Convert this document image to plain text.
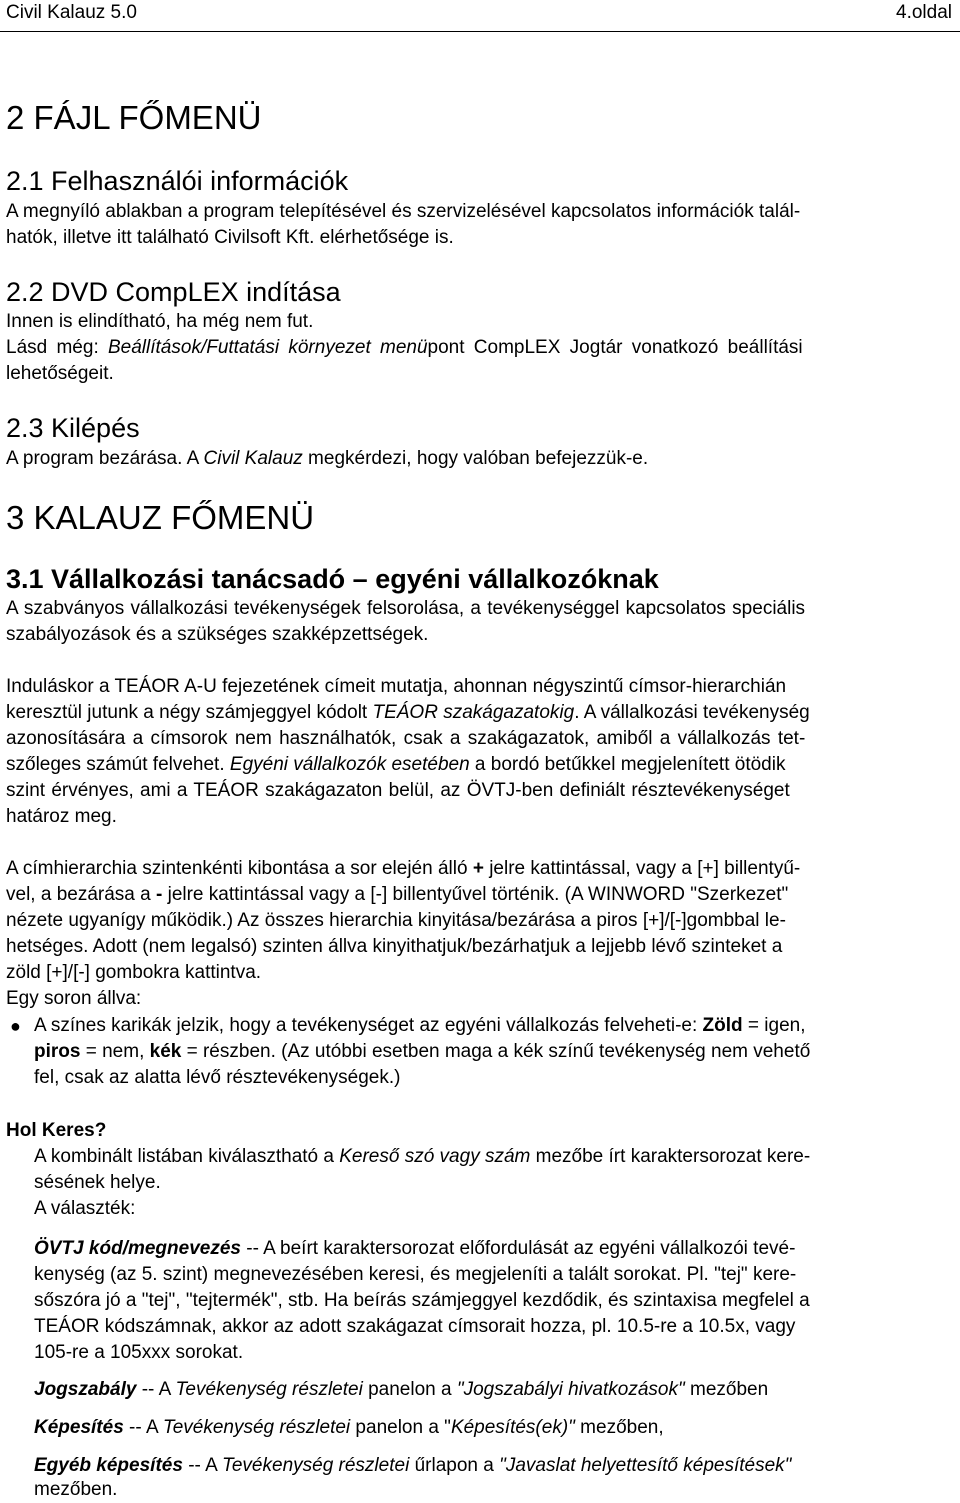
Civil Kalauz 5.0	4.oldal
2 FÁJL FŐMENÜ
2.1 Felhasználói információk
A megnyíló ablakban a program telepítésével és szervizelésével kapcsolatos információk talál-
hatók, illetve itt található Civilsoft Kft. elérhetősége is.
2.2 DVD CompLEX indítása
Innen is elindítható, ha még nem fut.
Lásd még: Beállítások/Futtatási környezet menüpont CompLEX Jogtár vonatkozó beállítási
lehetőségeit.
2.3 Kilépés
A program bezárása. A Civil Kalauz megkérdezi, hogy valóban befejezzük-e.
3 KALAUZ FŐMENÜ
3.1 Vállalkozási tanácsadó – egyéni vállalkozóknak
A szabványos vállalkozási tevékenységek felsorolása, a tevékenységgel kapcsolatos speciális
szabályozások és a szükséges szakképzettségek.
Induláskor a TEÁOR A-U fejezetének címeit mutatja, ahonnan négyszintű címsor-hierarchián
keresztül jutunk a négy számjeggyel kódolt TEÁOR szakágazatokig. A vállalkozási tevékenység
azonosítására a címsorok nem használhatók, csak a szakágazatok, amiből a vállalkozás tet-
szőleges számút felvehet. Egyéni vállalkozók esetében a bordó betűkkel megjelenített ötödik
szint érvényes, ami a TEÁOR szakágazaton belül, az ÖVTJ-ben definiált résztevékenységet
határoz meg.
A címhierarchia szintenkénti kibontása a sor elején álló + jelre kattintással, vagy a [+] billentyű-
vel, a bezárása a - jelre kattintással vagy a [-] billentyűvel történik. (A WINWORD "Szerkezet"
nézete ugyanígy működik.) Az összes hierarchia kinyitása/bezárása a piros [+]/[-]gombbal le-
hetséges. Adott (nem legalsó) szinten állva kinyithatjuk/bezárhatjuk a lejjebb lévő szinteket a
zöld [+]/[-] gombokra kattintva.
Egy soron állva:
● A színes karikák jelzik, hogy a tevékenységet az egyéni vállalkozás felveheti-e: Zöld = igen,
piros = nem, kék = részben. (Az utóbbi esetben maga a kék színű tevékenység nem vehető
fel, csak az alatta lévő résztevékenységek.)
Hol Keres?
A kombinált listában kiválasztható a Kereső szó vagy szám mezőbe írt karaktersorozat kere-
sésének helye.
A választék:
ÖVTJ kód/megnevezés -- A beírt karaktersorozat előfordulását az egyéni vállalkozói tevé-
kenység (az 5. szint) megnevezésében keresi, és megjeleníti a talált sorokat. Pl. "tej" kere-
sőszóra jó a "tej", "tejtermék", stb. Ha beírás számjeggyel kezdődik, és szintaxisa megfelel a
TEÁOR kódszámnak, akkor az adott szakágazat címsorait hozza, pl. 10.5-re a 10.5x, vagy
105-re a 105xxx sorokat.
Jogszabály -- A Tevékenység részletei panelon a "Jogszabályi hivatkozások" mezőben
Képesítés -- A Tevékenység részletei panelon a "Képesítés(ek)" mezőben,
Egyéb képesítés -- A Tevékenység részletei űrlapon a "Javaslat helyettesítő képesítések"
mezőben.
